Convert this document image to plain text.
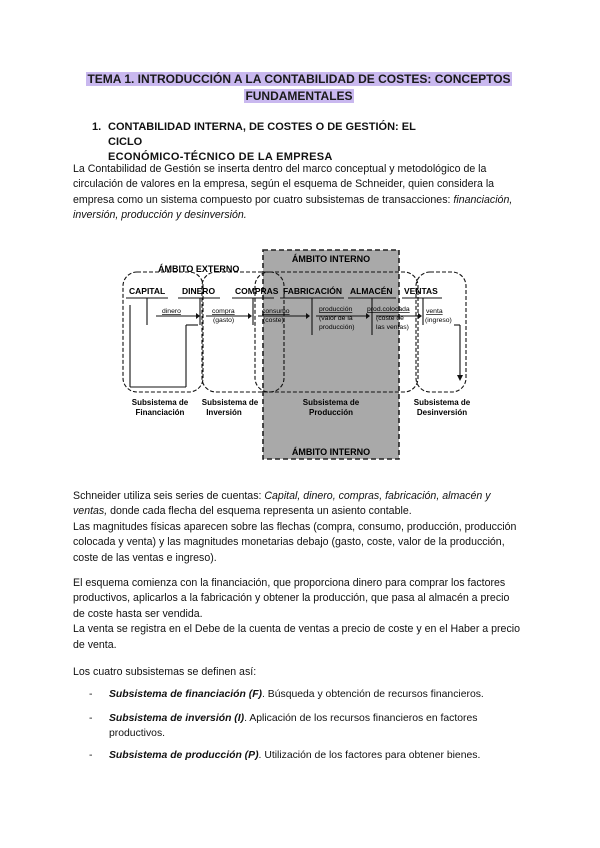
TEMA 1. INTRODUCCIÓN A LA CONTABILIDAD DE COSTES: CONCEPTOS
FUNDAMENTALES
1. CONTABILIDAD INTERNA, DE COSTES O DE GESTIÓN: EL CICLO
ECONÓMICO-TÉCNICO DE LA EMPRESA
La Contabilidad de Gestión se inserta dentro del marco conceptual y metodológico de la circulación de valores en la empresa, según el esquema de Schneider, quien considera la empresa como un sistema compuesto por cuatro subsistemas de transacciones: financiación, inversión, producción y desinversión.
ÁMBITO EXTERNO
ÁMBITO INTERNO
ÁMBITO INTERNO
CAPITAL DINERO COMPRAS FABRICACIÓN ALMACÉN VENTAS
dinero	compra
(gasto)
consumo
(coste)
producción
(valor de la
producción)
prod.colocada
(coste de
las ventas)
venta
(ingreso)
Subsistema de
Financiación
Subsistema de
Inversión
Subsistema de
Producción
Subsistema de
Desinversión
Schneider utiliza seis series de cuentas: Capital, dinero, compras, fabricación, almacén y ventas, donde cada flecha del esquema representa un asiento contable.
Las magnitudes físicas aparecen sobre las flechas (compra, consumo, producción, producción colocada y venta) y las magnitudes monetarias debajo (gasto, coste, valor de la producción, coste de las ventas e ingreso).
El esquema comienza con la financiación, que proporciona dinero para comprar los factores productivos, aplicarlos a la fabricación y obtener la producción, que pasa al almacén a precio de coste hasta ser vendida.
La venta se registra en el Debe de la cuenta de ventas a precio de coste y en el Haber a precio de venta.
Los cuatro subsistemas se definen así:
- Subsistema de financiación (F). Búsqueda y obtención de recursos financieros.
- Subsistema de inversión (I). Aplicación de los recursos financieros en factores productivos.
- Subsistema de producción (P). Utilización de los factores para obtener bienes.
